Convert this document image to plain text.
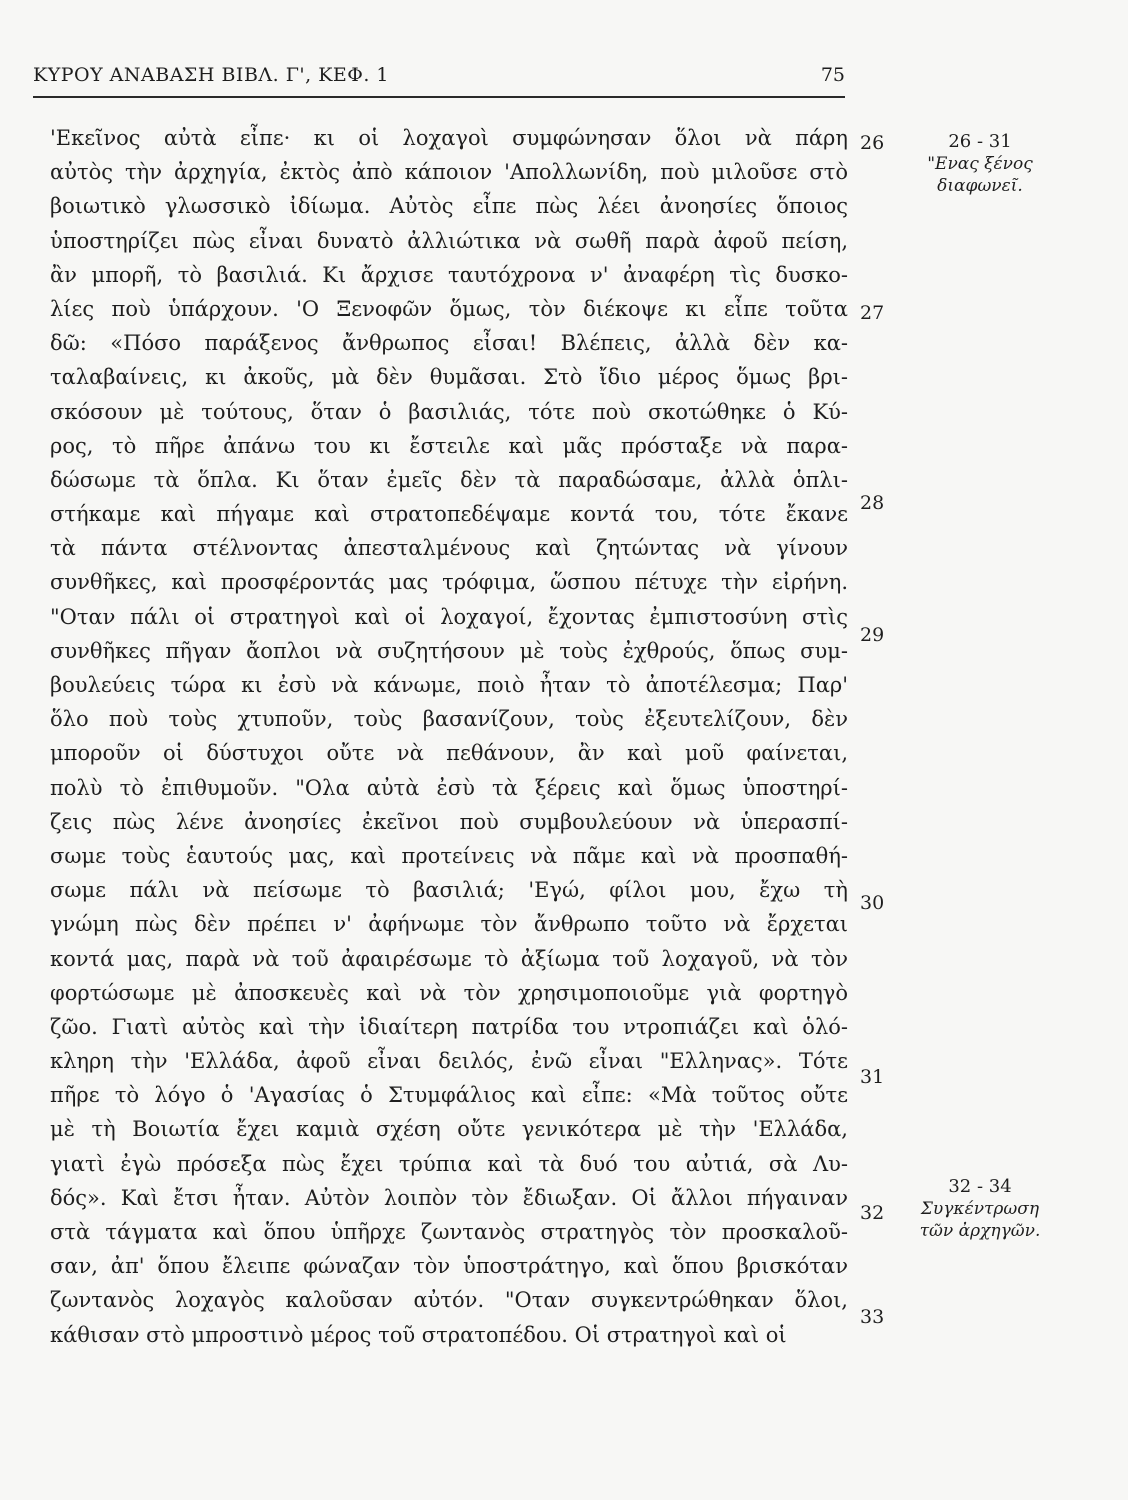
ΚΥΡΟΥ ΑΝΑΒΑΣΗ ΒΙΒΛ. Γ', ΚΕΦ. 1	75
'Εκεῖνος αὐτὰ εἶπε· κι οἱ λοχαγοὶ συμφώνησαν ὅλοι νὰ πάρη
αὐτὸς τὴν ἀρχηγία, ἐκτὸς ἀπὸ κάποιον 'Απολλωνίδη, ποὺ μιλοῦσε στὸ
βοιωτικὸ γλωσσικὸ ἰδίωμα. Αὐτὸς εἶπε πὼς λέει ἀνοησίες ὅποιος
ὑποστηρίζει πὼς εἶναι δυνατὸ ἀλλιώτικα νὰ σωθῆ παρὰ ἀφοῦ πείση,
ἂν μπορῆ, τὸ βασιλιά. Κι ἄρχισε ταυτόχρονα ν' ἀναφέρη τὶς δυσκο-
λίες ποὺ ὑπάρχουν. 'Ο Ξενοφῶν ὅμως, τὸν διέκοψε κι εἶπε τοῦτα
δῶ: «Πόσο παράξενος ἄνθρωπος εἶσαι! Βλέπεις, ἀλλὰ δὲν κα-
ταλαβαίνεις, κι ἀκοῦς, μὰ δὲν θυμᾶσαι. Στὸ ἴδιο μέρος ὅμως βρι-
σκόσουν μὲ τούτους, ὅταν ὁ βασιλιάς, τότε ποὺ σκοτώθηκε ὁ Κύ-
ρος, τὸ πῆρε ἀπάνω του κι ἔστειλε καὶ μᾶς πρόσταξε νὰ παρα-
δώσωμε τὰ ὅπλα. Κι ὅταν ἐμεῖς δὲν τὰ παραδώσαμε, ἀλλὰ ὁπλι-
στήκαμε καὶ πήγαμε καὶ στρατοπεδέψαμε κοντά του, τότε ἔκανε
τὰ πάντα στέλνοντας ἀπεσταλμένους καὶ ζητώντας νὰ γίνουν
συνθῆκες, καὶ προσφέροντάς μας τρόφιμα, ὥσπου πέτυχε τὴν εἰρήνη.
"Οταν πάλι οἱ στρατηγοὶ καὶ οἱ λοχαγοί, ἔχοντας ἐμπιστοσύνη στὶς
συνθῆκες πῆγαν ἄοπλοι νὰ συζητήσουν μὲ τοὺς ἐχθρούς, ὅπως συμ-
βουλεύεις τώρα κι ἐσὺ νὰ κάνωμε, ποιὸ ἦταν τὸ ἀποτέλεσμα; Παρ'
ὅλο ποὺ τοὺς χτυποῦν, τοὺς βασανίζουν, τοὺς ἐξευτελίζουν, δὲν
μποροῦν οἱ δύστυχοι οὔτε νὰ πεθάνουν, ἂν καὶ μοῦ φαίνεται,
πολὺ τὸ ἐπιθυμοῦν. "Ολα αὐτὰ ἐσὺ τὰ ξέρεις καὶ ὅμως ὑποστηρί-
ζεις πὼς λένε ἀνοησίες ἐκεῖνοι ποὺ συμβουλεύουν νὰ ὑπερασπί-
σωμε τοὺς ἑαυτούς μας, καὶ προτείνεις νὰ πᾶμε καὶ νὰ προσπαθή-
σωμε πάλι νὰ πείσωμε τὸ βασιλιά; 'Εγώ, φίλοι μου, ἔχω τὴ
γνώμη πὼς δὲν πρέπει ν' ἀφήνωμε τὸν ἄνθρωπο τοῦτο νὰ ἔρχεται
κοντά μας, παρὰ νὰ τοῦ ἀφαιρέσωμε τὸ ἀξίωμα τοῦ λοχαγοῦ, νὰ τὸν
φορτώσωμε μὲ ἀποσκευὲς καὶ νὰ τὸν χρησιμοποιοῦμε γιὰ φορτηγὸ
ζῶο. Γιατὶ αὐτὸς καὶ τὴν ἰδιαίτερη πατρίδα του ντροπιάζει καὶ ὁλό-
κληρη τὴν 'Ελλάδα, ἀφοῦ εἶναι δειλός, ἐνῶ εἶναι "Ελληνας». Τότε
πῆρε τὸ λόγο ὁ 'Αγασίας ὁ Στυμφάλιος καὶ εἶπε: «Μὰ τοῦτος οὔτε
μὲ τὴ Βοιωτία ἔχει καμιὰ σχέση οὔτε γενικότερα μὲ τὴν 'Ελλάδα,
γιατὶ ἐγὼ πρόσεξα πὼς ἔχει τρύπια καὶ τὰ δυό του αὐτιά, σὰ Λυ-
δός». Καὶ ἔτσι ἦταν. Αὐτὸν λοιπὸν τὸν ἔδιωξαν. Οἱ ἄλλοι πήγαιναν
στὰ τάγματα καὶ ὅπου ὑπῆρχε ζωντανὸς στρατηγὸς τὸν προσκαλοῦ-
σαν, ἀπ' ὅπου ἔλειπε φώναζαν τὸν ὑποστράτηγο, καὶ ὅπου βρισκόταν
ζωντανὸς λοχαγὸς καλοῦσαν αὐτόν. "Οταν συγκεντρώθηκαν ὅλοι,
κάθισαν στὸ μπροστινὸ μέρος τοῦ στρατοπέδου. Οἱ στρατηγοὶ καὶ οἱ
26
27
28
29
30
31
32
33
26 - 31
"Ενας ξένος
διαφωνεῖ.
32 - 34
Συγκέντρωση
τῶν ἀρχηγῶν.
